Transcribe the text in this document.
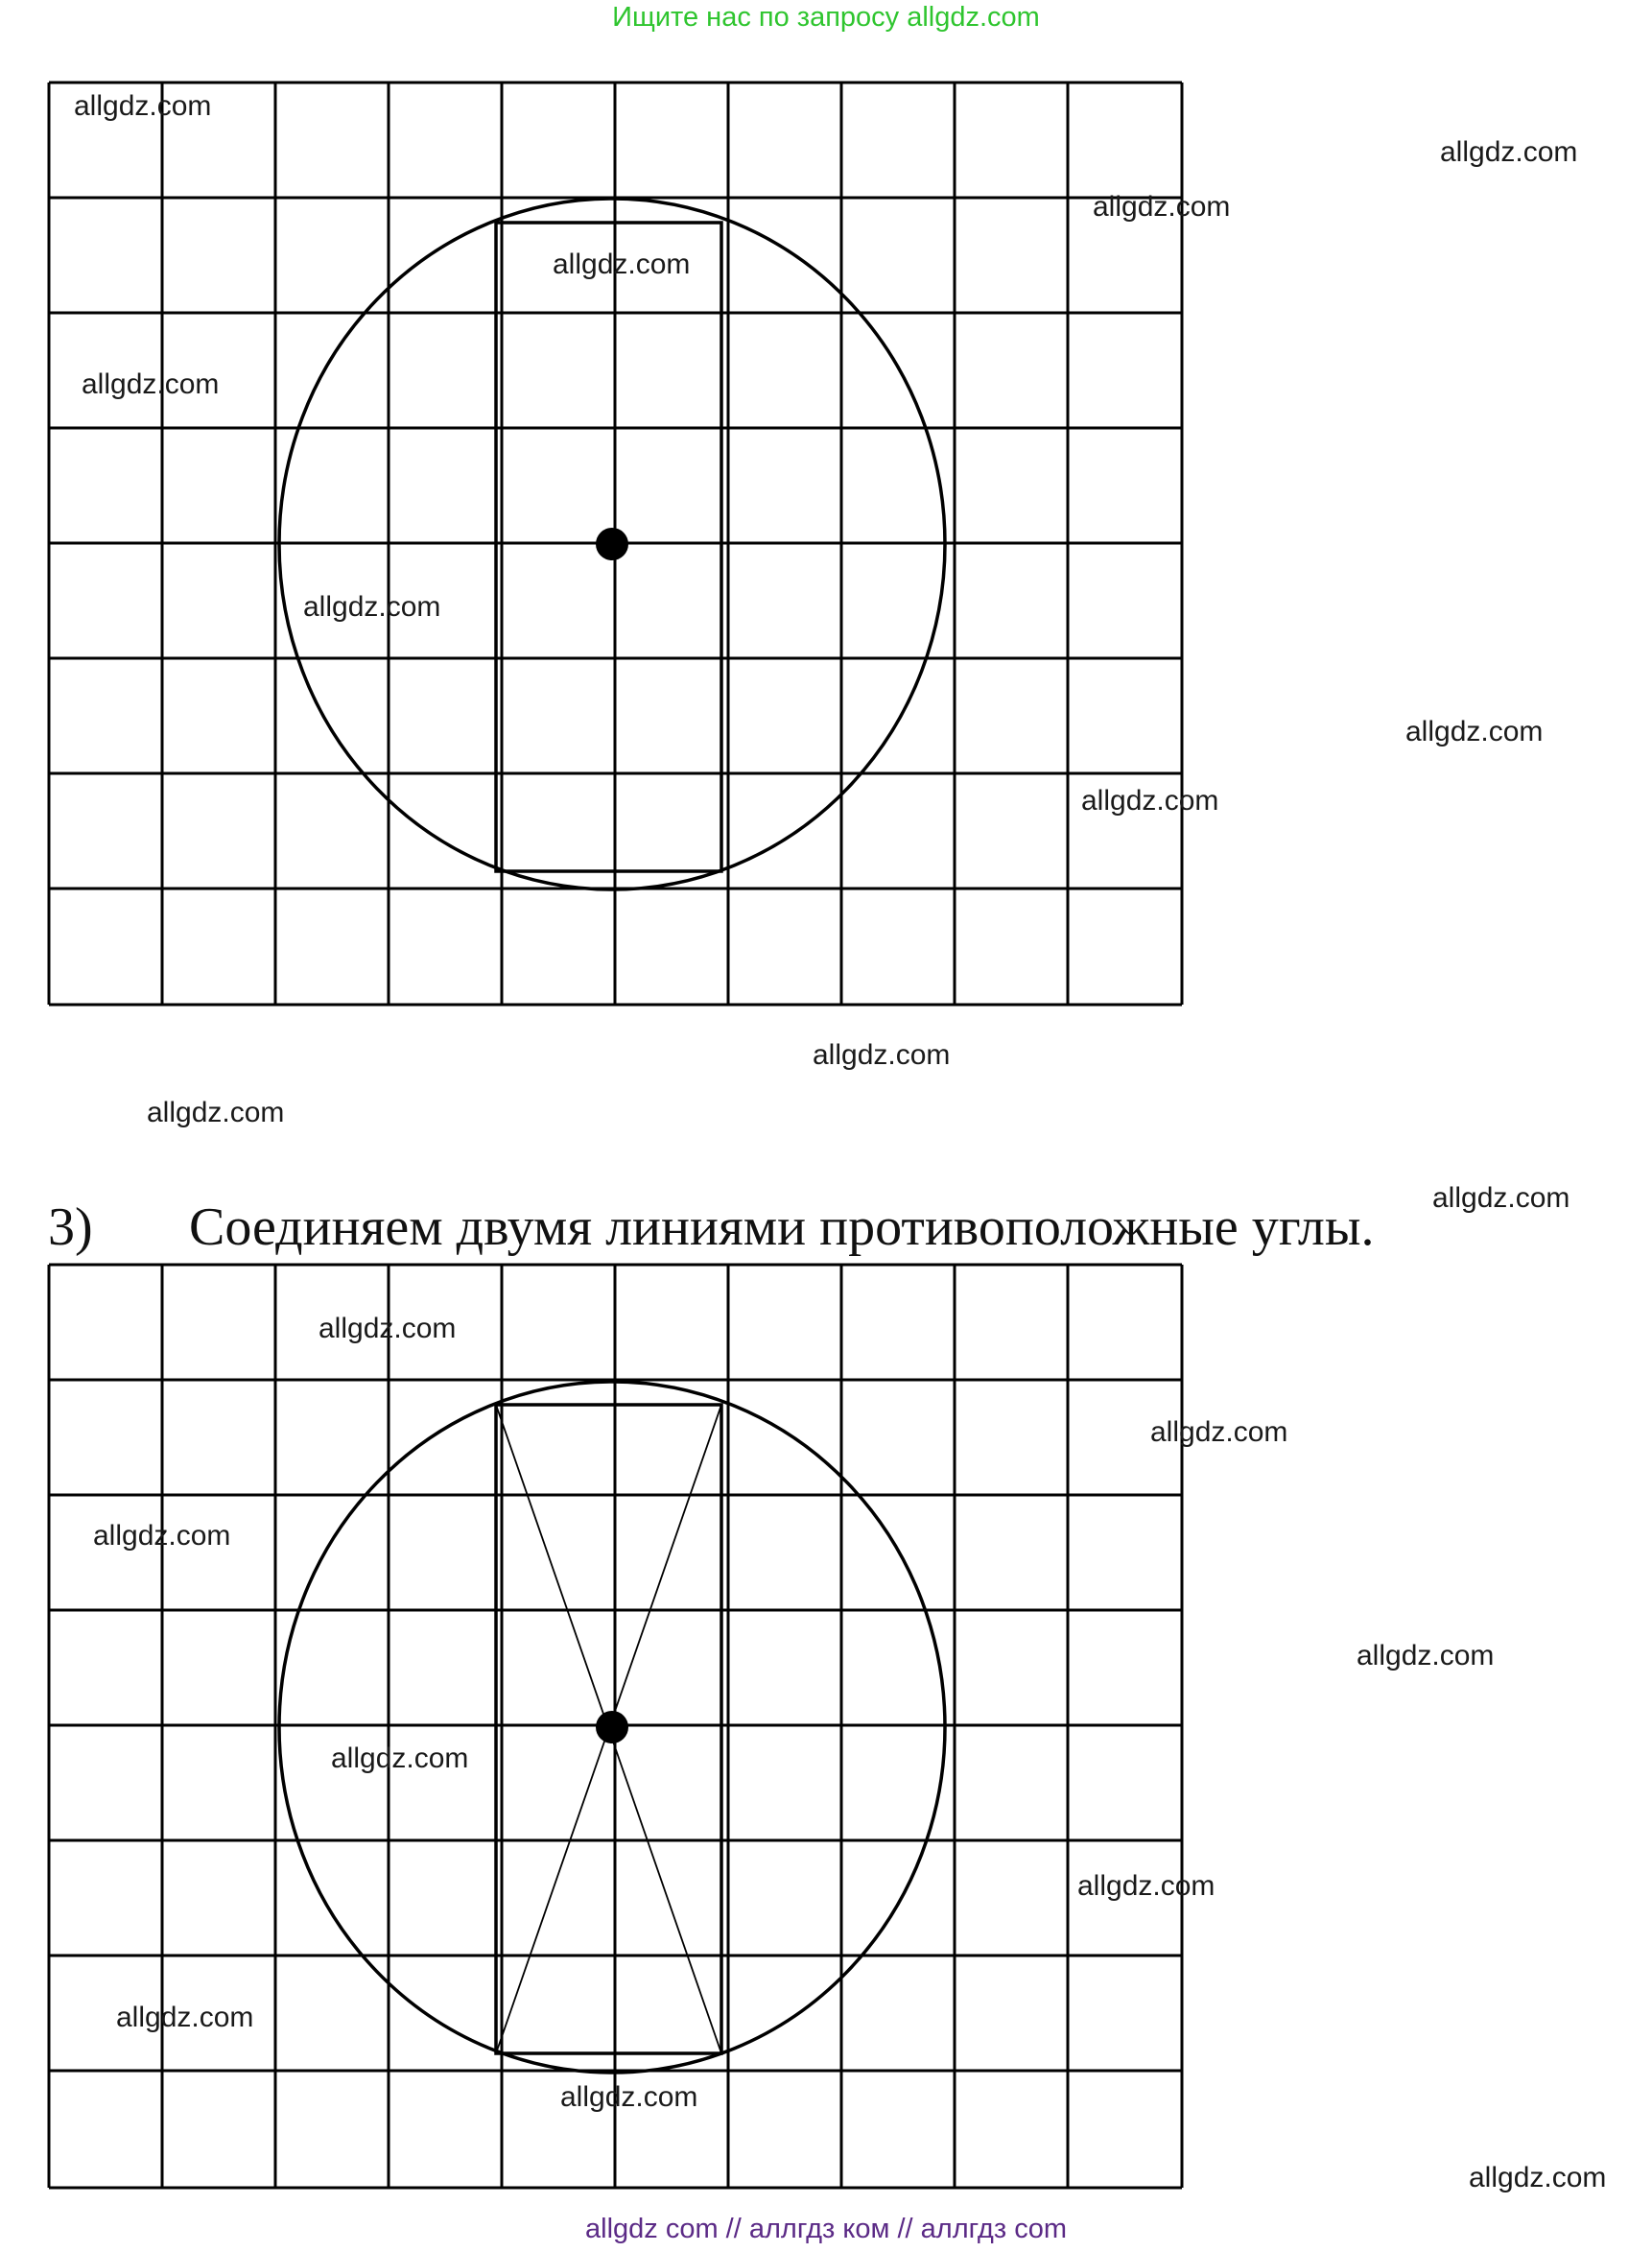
Ищите нас по запросу allgdz.com
3) Соединяем двумя линиями противоположные углы.
allgdz.com
allgdz.com
allgdz.com
allgdz.com
allgdz.com
allgdz.com
allgdz.com
allgdz.com
allgdz.com
allgdz.com
allgdz.com
allgdz.com
allgdz.com
allgdz.com
allgdz.com
allgdz.com
allgdz.com
allgdz.com
allgdz.com
allgdz.com
allgdz com // аллгдз ком // аллгдз com
